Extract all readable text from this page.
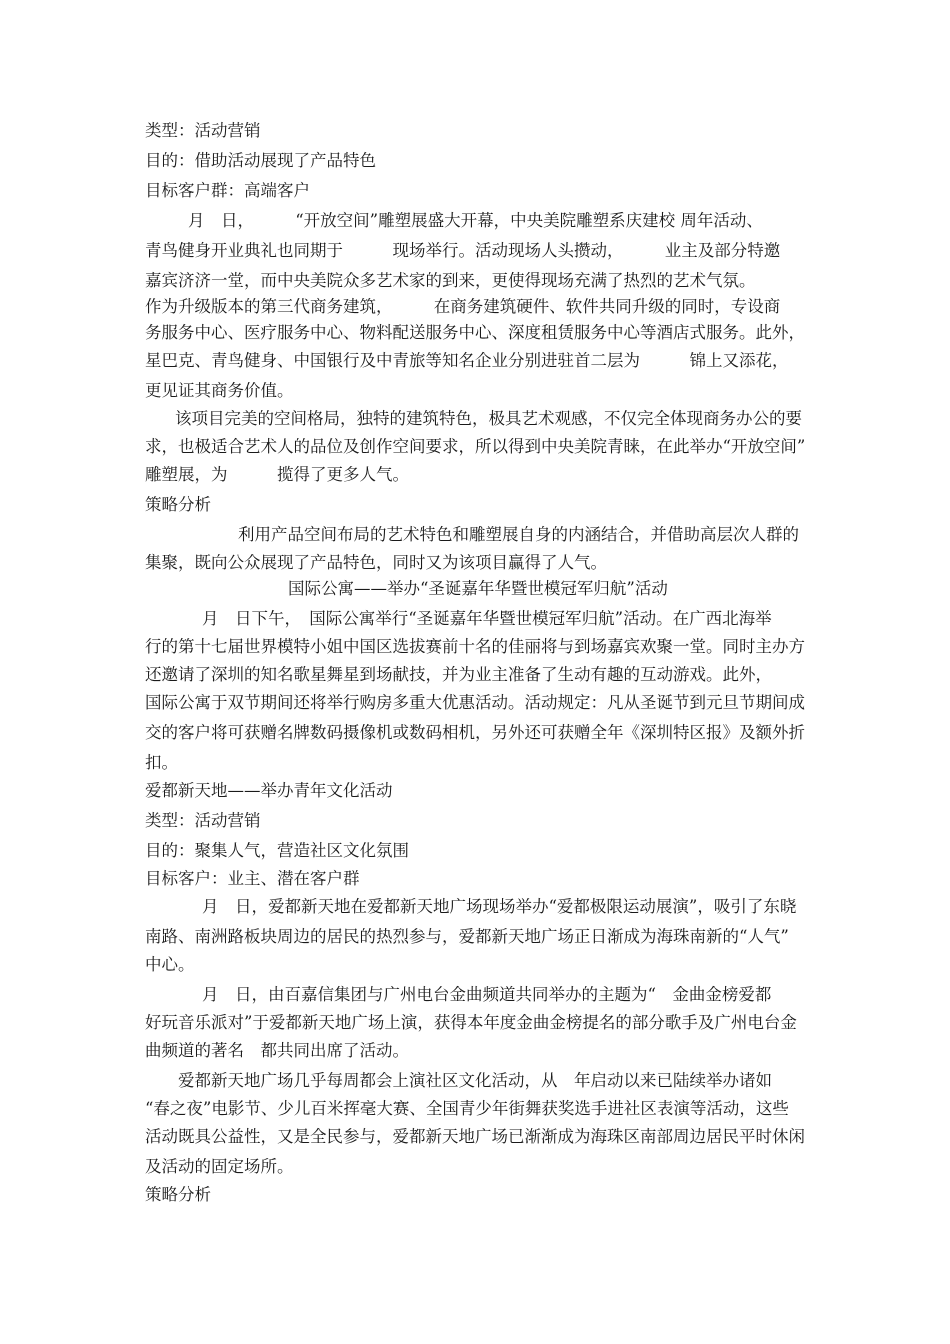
类型：活动营销
目的：借助活动展现了产品特色
目标客户群：高端客户
月　日，　　　“开放空间”雕塑展盛大开幕，中央美院雕塑系庆建校 周年活动、
青鸟健身开业典礼也同期于　　　现场举行。活动现场人头攒动，　　　业主及部分特邀
嘉宾济济一堂，而中央美院众多艺术家的到来，更使得现场充满了热烈的艺术气氛。
作为升级版本的第三代商务建筑，　　　在商务建筑硬件、软件共同升级的同时，专设商
务服务中心、医疗服务中心、物料配送服务中心、深度租赁服务中心等酒店式服务。此外，
星巴克、青鸟健身、中国银行及中青旅等知名企业分别进驻首二层为　　　锦上又添花，
更见证其商务价值。
该项目完美的空间格局，独特的建筑特色，极具艺术观感，不仅完全体现商务办公的要
求，也极适合艺术人的品位及创作空间要求，所以得到中央美院青睐，在此举办“开放空间”
雕塑展，为　　　揽得了更多人气。
策略分析
利用产品空间布局的艺术特色和雕塑展自身的内涵结合，并借助高层次人群的
集聚，既向公众展现了产品特色，同时又为该项目赢得了人气。
国际公寓——举办“圣诞嘉年华暨世模冠军归航”活动
月　日下午，　国际公寓举行“圣诞嘉年华暨世模冠军归航”活动。在广西北海举
行的第十七届世界模特小姐中国区选拔赛前十名的佳丽将与到场嘉宾欢聚一堂。同时主办方
还邀请了深圳的知名歌星舞星到场献技，并为业主准备了生动有趣的互动游戏。此外，
国际公寓于双节期间还将举行购房多重大优惠活动。活动规定：凡从圣诞节到元旦节期间成
交的客户将可获赠名牌数码摄像机或数码相机，另外还可获赠全年《深圳特区报》及额外折
扣。
爱都新天地——举办青年文化活动
类型：活动营销
目的：聚集人气，营造社区文化氛围
目标客户：业主、潜在客户群
月　日，爱都新天地在爱都新天地广场现场举办“爱都极限运动展演”，吸引了东晓
南路、南洲路板块周边的居民的热烈参与，爱都新天地广场正日渐成为海珠南新的“人气”
中心。
月　日，由百嘉信集团与广州电台金曲频道共同举办的主题为“　金曲金榜爱都
好玩音乐派对”于爱都新天地广场上演，获得本年度金曲金榜提名的部分歌手及广州电台金
曲频道的著名　都共同出席了活动。
爱都新天地广场几乎每周都会上演社区文化活动，从　年启动以来已陆续举办诸如
“春之夜”电影节、少儿百米挥毫大赛、全国青少年街舞获奖选手进社区表演等活动，这些
活动既具公益性，又是全民参与，爱都新天地广场已渐渐成为海珠区南部周边居民平时休闲
及活动的固定场所。
策略分析
